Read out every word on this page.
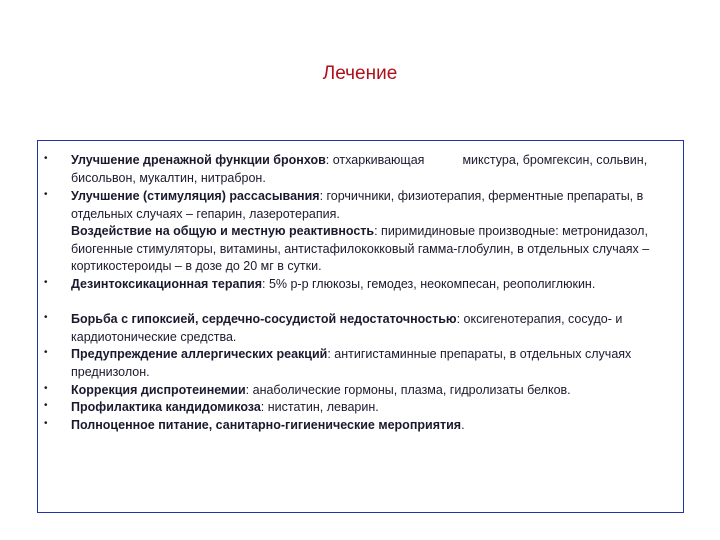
Лечение
•
•
•
•
•
•
•
•
Улучшение дренажной функции бронхов: отхаркивающая	микстура, бромгексин, сольвин, бисольвон, мукалтин, нитраброн.
Улучшение (стимуляция) рассасывания: горчичники, физиотерапия, ферментные препараты, в отдельных случаях – гепарин, лазеротерапия.
Воздействие на общую и местную реактивность: пиримидиновые производные: метронидазол, биогенные стимуляторы, витамины, антистафилококковый гамма-глобулин, в отдельных случаях – кортикостероиды – в дозе до 20 мг в сутки.
Дезинтоксикационная терапия: 5% р-р глюкозы, гемодез, неокомпесан, реополиглюкин.
Борьба с гипоксией, сердечно-сосудистой недостаточностью: оксигенотерапия, сосудо- и кардиотонические средства.
Предупреждение аллергических реакций: антигистаминные препараты, в отдельных случаях преднизолон.
Коррекция диспротеинемии: анаболические гормоны, плазма, гидролизаты белков.
Профилактика кандидомикоза: нистатин, леварин.
Полноценное питание, санитарно-гигиенические мероприятия.
